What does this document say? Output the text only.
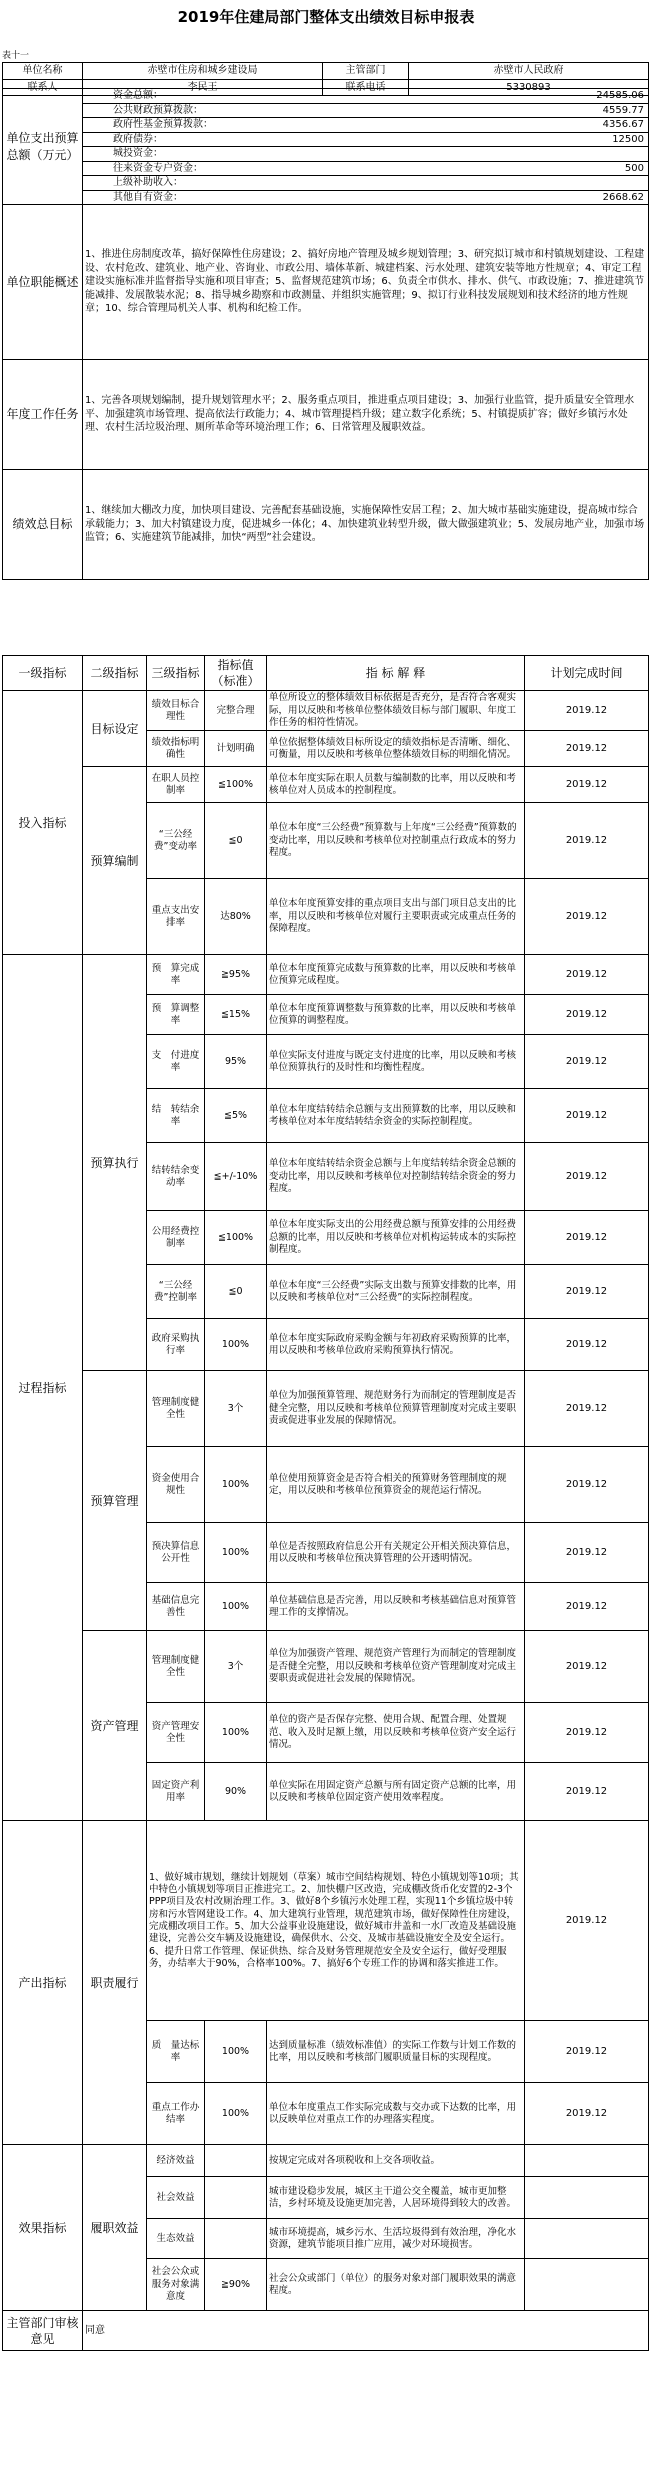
2019年住建局部门整体支出绩效目标申报表
表十一
单位名称	赤壁市住房和城乡建设局	主管部门	赤壁市人民政府
联系人	李民王	联系电话	5330893
单位支出预算总额（万元）	资金总额： 24585.06

	公共财政预算拨款： 4559.77

	政府性基金预算拨款： 4356.67

	政府债券： 12500

	城投资金：

	往来资金专户资金： 500

	上级补助收入：

	其他自有资金： 2668.62

单位职能概述	1、推进住房制度改革，搞好保障性住房建设；2、搞好房地产管理及城乡规划管理；3、研究拟订城市和村镇规划建设、工程建设、农村危改、建筑业、地产业、咨询业、市政公用、墙体革新、城建档案、污水处理、建筑安装等地方性规章；4、审定工程建设实施标准并监督指导实施和项目审查；5、监督规范建筑市场；6、负责全市供水、排水、供气、市政设施；7、推进建筑节能减排、发展散装水泥；8、指导城乡勘察和市政测量、并组织实施管理；9、拟订行业科技发展规划和技术经济的地方性规章；10、综合管理局机关人事、机构和纪检工作。
年度工作任务	1、完善各项规划编制，提升规划管理水平；2、服务重点项目，推进重点项目建设；3、加强行业监管，提升质量安全管理水平、加强建筑市场管理、提高依法行政能力；4、城市管理提档升级；建立数字化系统；5、村镇提质扩容；做好乡镇污水处理、农村生活垃圾治理、厕所革命等环境治理工作；6、日常管理及履职效益。
绩效总目标	1、继续加大棚改力度，加快项目建设、完善配套基础设施，实施保障性安居工程；2、加大城市基础实施建设，提高城市综合承载能力；3、加大村镇建设力度，促进城乡一体化；4、加快建筑业转型升级，做大做强建筑业；5、发展房地产业，加强市场监管；6、实施建筑节能减排，加快“两型”社会建设。
一级指标	二级指标	三级指标	指标值（标准）	指 标 解 释	计划完成时间
投入指标	目标设定	绩效目标合理性	完整合理	单位所设立的整体绩效目标依据是否充分，是否符合客观实际，用以反映和考核单位整体绩效目标与部门履职、年度工作任务的相符性情况。	2019.12
		绩效指标明确性	计划明确	单位依据整体绩效目标所设定的绩效指标是否清晰、细化、可衡量，用以反映和考核单位整体绩效目标的明细化情况。	2019.12
	预算编制	在职人员控制率	≦100%	单位本年度实际在职人员数与编制数的比率，用以反映和考核单位对人员成本的控制程度。	2019.12
		“三公经费”变动率	≦0	单位本年度“三公经费”预算数与上年度“三公经费”预算数的变动比率，用以反映和考核单位对控制重点行政成本的努力程度。	2019.12
		重点支出安排率	达80%	单位本年度预算安排的重点项目支出与部门项目总支出的比率，用以反映和考核单位对履行主要职责或完成重点任务的保障程度。	2019.12
过程指标	预算执行	预　算完成率	≧95%	单位本年度预算完成数与预算数的比率，用以反映和考核单位预算完成程度。	2019.12
		预　算调整率	≦15%	单位本年度预算调整数与预算数的比率，用以反映和考核单位预算的调整程度。	2019.12
		支　付进度率	95%	单位实际支付进度与既定支付进度的比率，用以反映和考核单位预算执行的及时性和均衡性程度。	2019.12
		结　转结余率	≦5%	单位本年度结转结余总额与支出预算数的比率，用以反映和考核单位对本年度结转结余资金的实际控制程度。	2019.12
		结转结余变动率	≦+/-10%	单位本年度结转结余资金总额与上年度结转结余资金总额的变动比率，用以反映和考核单位对控制结转结余资金的努力程度。	2019.12
		公用经费控制率	≦100%	单位本年度实际支出的公用经费总额与预算安排的公用经费总额的比率，用以反映和考核单位对机构运转成本的实际控制程度。	2019.12
		“三公经费”控制率	≦0	单位本年度“三公经费”实际支出数与预算安排数的比率，用以反映和考核单位对“三公经费”的实际控制程度。	2019.12
		政府采购执行率	100%	单位本年度实际政府采购金额与年初政府采购预算的比率，用以反映和考核单位政府采购预算执行情况。	2019.12
	预算管理	管理制度健全性	3个	单位为加强预算管理、规范财务行为而制定的管理制度是否健全完整，用以反映和考核单位预算管理制度对完成主要职责或促进事业发展的保障情况。	2019.12
		资金使用合规性	100%	单位使用预算资金是否符合相关的预算财务管理制度的规定，用以反映和考核单位预算资金的规范运行情况。	2019.12
		预决算信息公开性	100%	单位是否按照政府信息公开有关规定公开相关预决算信息，用以反映和考核单位预决算管理的公开透明情况。	2019.12
		基础信息完善性	100%	单位基础信息是否完善，用以反映和考核基础信息对预算管理工作的支撑情况。	2019.12
	资产管理	管理制度健全性	3个	单位为加强资产管理、规范资产管理行为而制定的管理制度是否健全完整，用以反映和考核单位资产管理制度对完成主要职责或促进社会发展的保障情况。	2019.12
		资产管理安全性	100%	单位的资产是否保存完整、使用合规、配置合理、处置规范、收入及时足额上缴，用以反映和考核单位资产安全运行情况。	2019.12
		固定资产利用率	90%	单位实际在用固定资产总额与所有固定资产总额的比率，用以反映和考核单位固定资产使用效率程度。	2019.12
产出指标	职责履行	1、做好城市规划，继续计划规划（草案）城市空间结构规划、特色小镇规划等10项；其中特色小镇规划等项目正推进完工。2、加快棚户区改造，完成棚改货币化安置的2-3个PPP项目及农村改厕治理工作。3、做好8个乡镇污水处理工程，实现11个乡镇垃圾中转房和污水管网建设工作。4、加大建筑行业管理，规范建筑市场，做好保障性住房建设，完成棚改项目工作。5、加大公益事业设施建设，做好城市井盖和一水厂改造及基础设施建设，完善公交车辆及设施建设，确保供水、公交、及城市基础设施安全及安全运行。6、提升日常工作管理、保证供热、综合及财务管理规范安全及安全运行，做好受理服务，办结率大于90%，合格率100%。7、搞好6个专班工作的协调和落实推进工作。			2019.12
		质　量达标率	100%	达到质量标准（绩效标准值）的实际工作数与计划工作数的比率，用以反映和考核部门履职质量目标的实现程度。	2019.12
		重点工作办结率	100%	单位本年度重点工作实际完成数与交办或下达数的比率，用以反映单位对重点工作的办理落实程度。	2019.12
效果指标	履职效益	经济效益		按规定完成对各项税收和上交各项收益。	
		社会效益		城市建设稳步发展，城区主干道公交全覆盖，城市更加整洁，乡村环境及设施更加完善，人居环境得到较大的改善。	
		生态效益		城市环境提高，城乡污水、生活垃圾得到有效治理，净化水资源，建筑节能项目推广应用，减少对环境损害。	
		社会公众或服务对象满意度	≧90%	社会公众或部门（单位）的服务对象对部门履职效果的满意程度。	
主管部门审核意见	同意				
